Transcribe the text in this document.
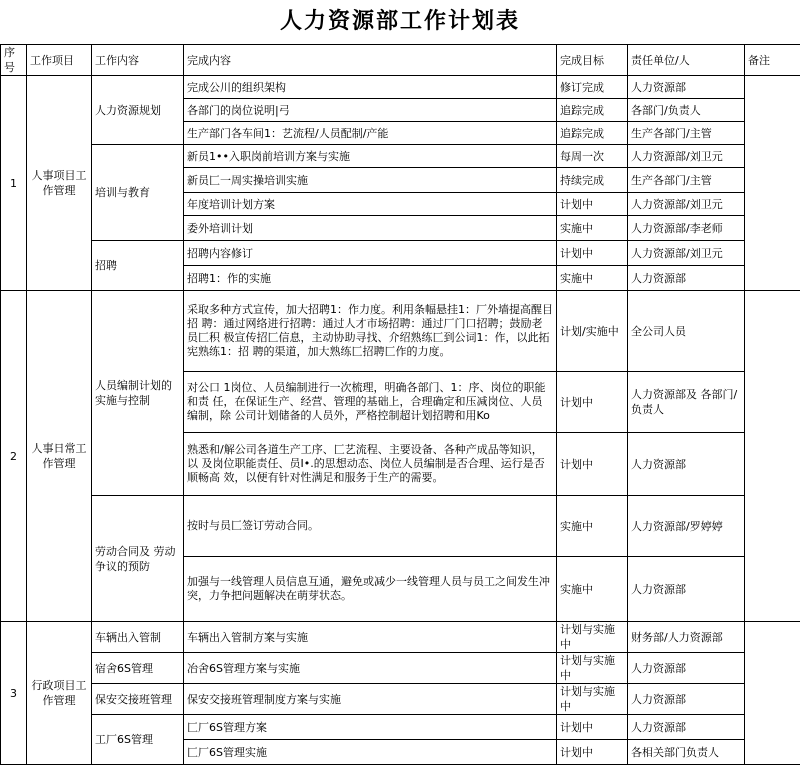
人力资源部工作计划表
序号	工作项目	工作内容	完成内容	完成目标	责任单位/人	备注
1	人事项目工作管理	人力资源规划	完成公川的组织架构	修订完成	人力资源部	
			各部门的岗位说明|弓	追踪完成	各部门/负责人	
			生产部门各车间1：艺流程/人员配制/产能	追踪完成	生产各部门/主管	
		培训与教育	新员1••入职岗前培训方案与实施	每周一次	人力资源部/刘卫元	
			新员匚一周实操培训实施	持续完成	生产各部门/主管	
			年度培训计划方案	计划中	人力资源部/刘卫元	
			委外培训计划	实施中	人力资源部/李老师	
		招聘	招聘内容修订	计划中	人力资源部/刘卫元	
			招聘1：作的实施	实施中	人力资源部	
2	人事日常工作管理	人员编制计划的 实施与控制	采取多种方式宣传，加大招聘1：作力度。利用条幅悬挂1：厂外墙提高醒目招 聘：通过网络进行招聘：通过人才市场招聘：通过厂门口招聘；鼓励老员匚积 极宣传招匚信息，主动协助寻找、介绍熟练匚到公词1：作，以此拓宪熟练1：招 聘的渠道，加大熟练匚招聘匚作的力度。	计划/实施中	全公司人员	
			对公口 1岗位、人员编制进行一次梳理，明确各部门、1：序、岗位的职能和责 任，在保证生产、经营、管理的基础上，合理确定和压减岗位、人员编制，除 公司计划储备的人员外，严格控制超计划招聘和用Ko	计划中	人力资源部及 各部门/负责人	
			熟悉和/解公司各道生产工序、匚艺流程、主要设备、各种产成品等知识，以 及岗位职能责任、员I•.的思想动态、岗位人员编制是否合理、运行是否顺畅高 效，以便有针对性满足和服务于生产的需要。	计划中	人力资源部	
		劳动合同及 劳动争议的预防	按时与员匚签订劳动合同。	实施中	人力资源部/罗婷婷	
			加强与一线管理人员信息互通，避免或减少一线管理人员与员工之间发生冲 突，力争把问题解决在萌芽状态。	实施中	人力资源部	
3	行政项目工作管理	车辆出入管制	车辆出入管制方案与实施	计划与实施中	财务部/人力资源部	
		宿舍6S管理	冶舍6S管理方案与实施	计划与实施中	人力资源部	
		保安交接班管理	保安交接班管理制度方案与实施	计划与实施中	人力资源部	
		工厂6S管理	匚厂6S管理方案	计划中	人力资源部	
			匚厂6S管理实施	计划中	各相关部门负责人	
